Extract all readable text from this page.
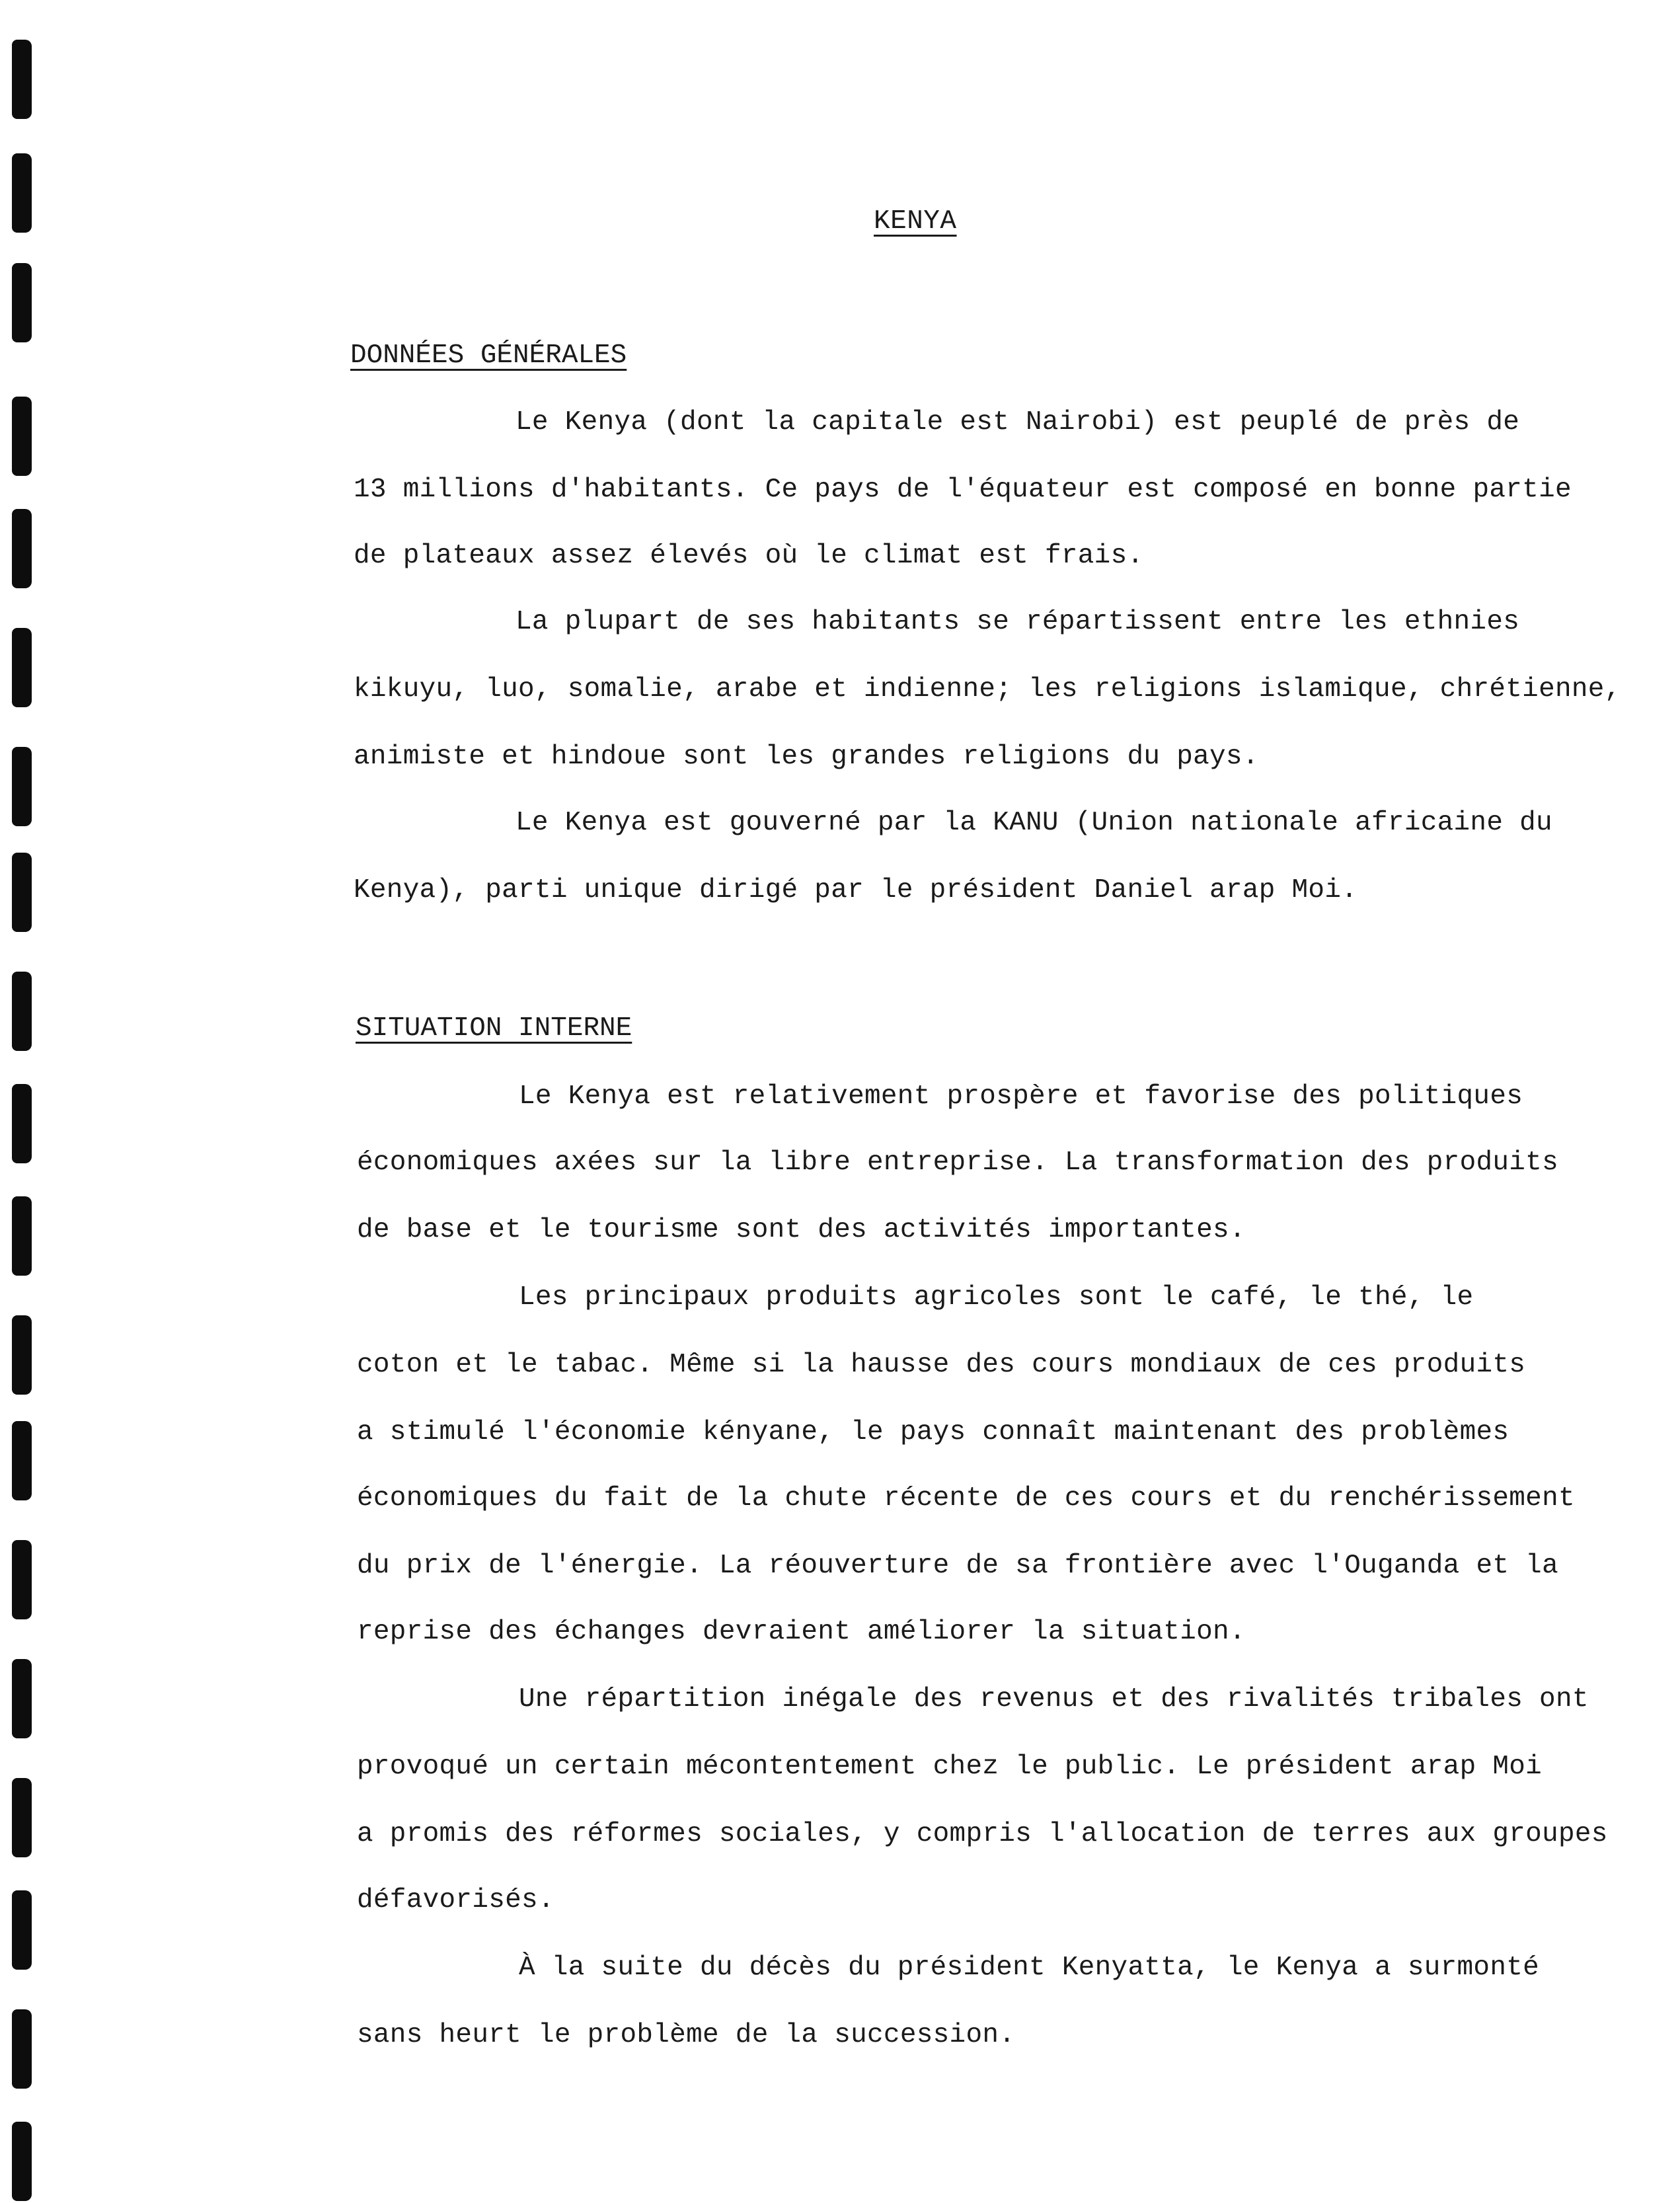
KENYA
DONNÉES GÉNÉRALES
Le Kenya (dont la capitale est Nairobi) est peuplé de près de
13 millions d'habitants. Ce pays de l'équateur est composé en bonne partie
de plateaux assez élevés où le climat est frais.
La plupart de ses habitants se répartissent entre les ethnies
kikuyu, luo, somalie, arabe et indienne; les religions islamique, chrétienne,
animiste et hindoue sont les grandes religions du pays.
Le Kenya est gouverné par la KANU (Union nationale africaine du
Kenya), parti unique dirigé par le président Daniel arap Moi.
SITUATION INTERNE
Le Kenya est relativement prospère et favorise des politiques
économiques axées sur la libre entreprise. La transformation des produits
de base et le tourisme sont des activités importantes.
Les principaux produits agricoles sont le café, le thé, le
coton et le tabac. Même si la hausse des cours mondiaux de ces produits
a stimulé l'économie kényane, le pays connaît maintenant des problèmes
économiques du fait de la chute récente de ces cours et du renchérissement
du prix de l'énergie. La réouverture de sa frontière avec l'Ouganda et la
reprise des échanges devraient améliorer la situation.
Une répartition inégale des revenus et des rivalités tribales ont
provoqué un certain mécontentement chez le public. Le président arap Moi
a promis des réformes sociales, y compris l'allocation de terres aux groupes
défavorisés.
À la suite du décès du président Kenyatta, le Kenya a surmonté
sans heurt le problème de la succession.
